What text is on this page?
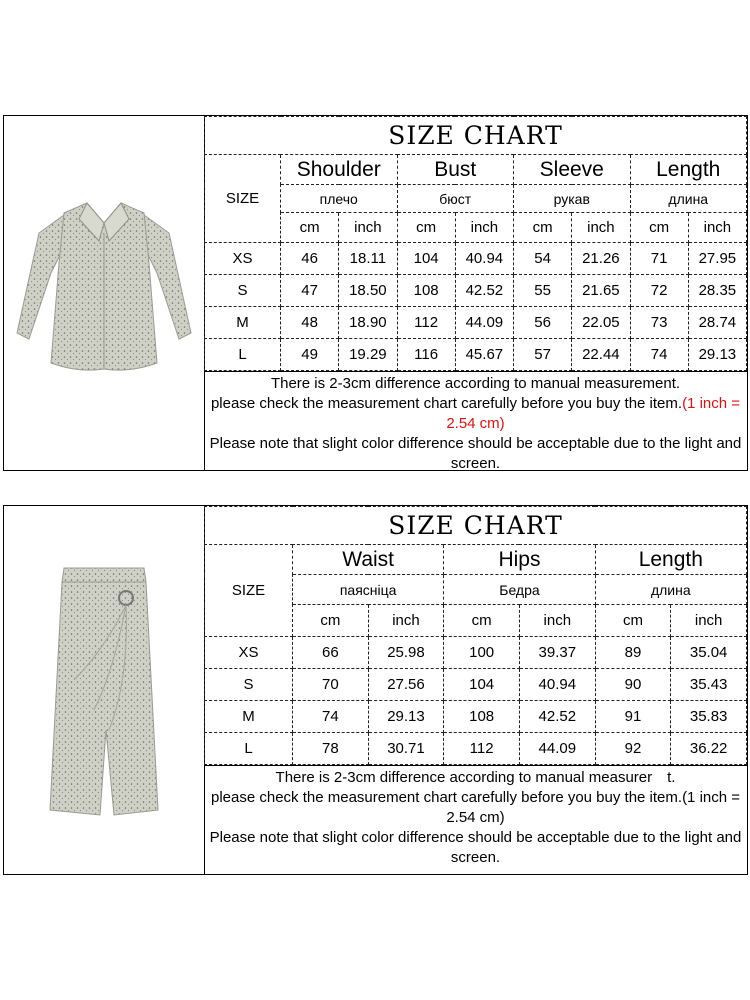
SIZE CHART								
SIZE	Shoulder		Bust		Sleeve		Length	
	плечо		бюст		рукав		длина	
	cm	inch	cm	inch	cm	inch	cm	inch
XS	46	18.11	104	40.94	54	21.26	71	27.95
S	47	18.50	108	42.52	55	21.65	72	28.35
M	48	18.90	112	44.09	56	22.05	73	28.74
L	49	19.29	116	45.67	57	22.44	74	29.13

There is 2-3cm difference according to manual measurement.

please check the measurement chart carefully before you buy the item.(1 inch = 2.54 cm)

Please note that slight color difference should be acceptable due to the light and screen.

SIZE CHART						
SIZE	Waist		Hips		Length	
	паясніца		Бедра		длина	
	cm	inch	cm	inch	cm	inch
XS	66	25.98	100	39.37	89	35.04
S	70	27.56	104	40.94	90	35.43
M	74	29.13	108	42.52	91	35.83
L	78	30.71	112	44.09	92	36.22

There is 2-3cm difference according to manual measurer　t.

please check the measurement chart carefully before you buy the item.(1 inch = 2.54 cm)

Please note that slight color difference should be acceptable due to the light and screen.
